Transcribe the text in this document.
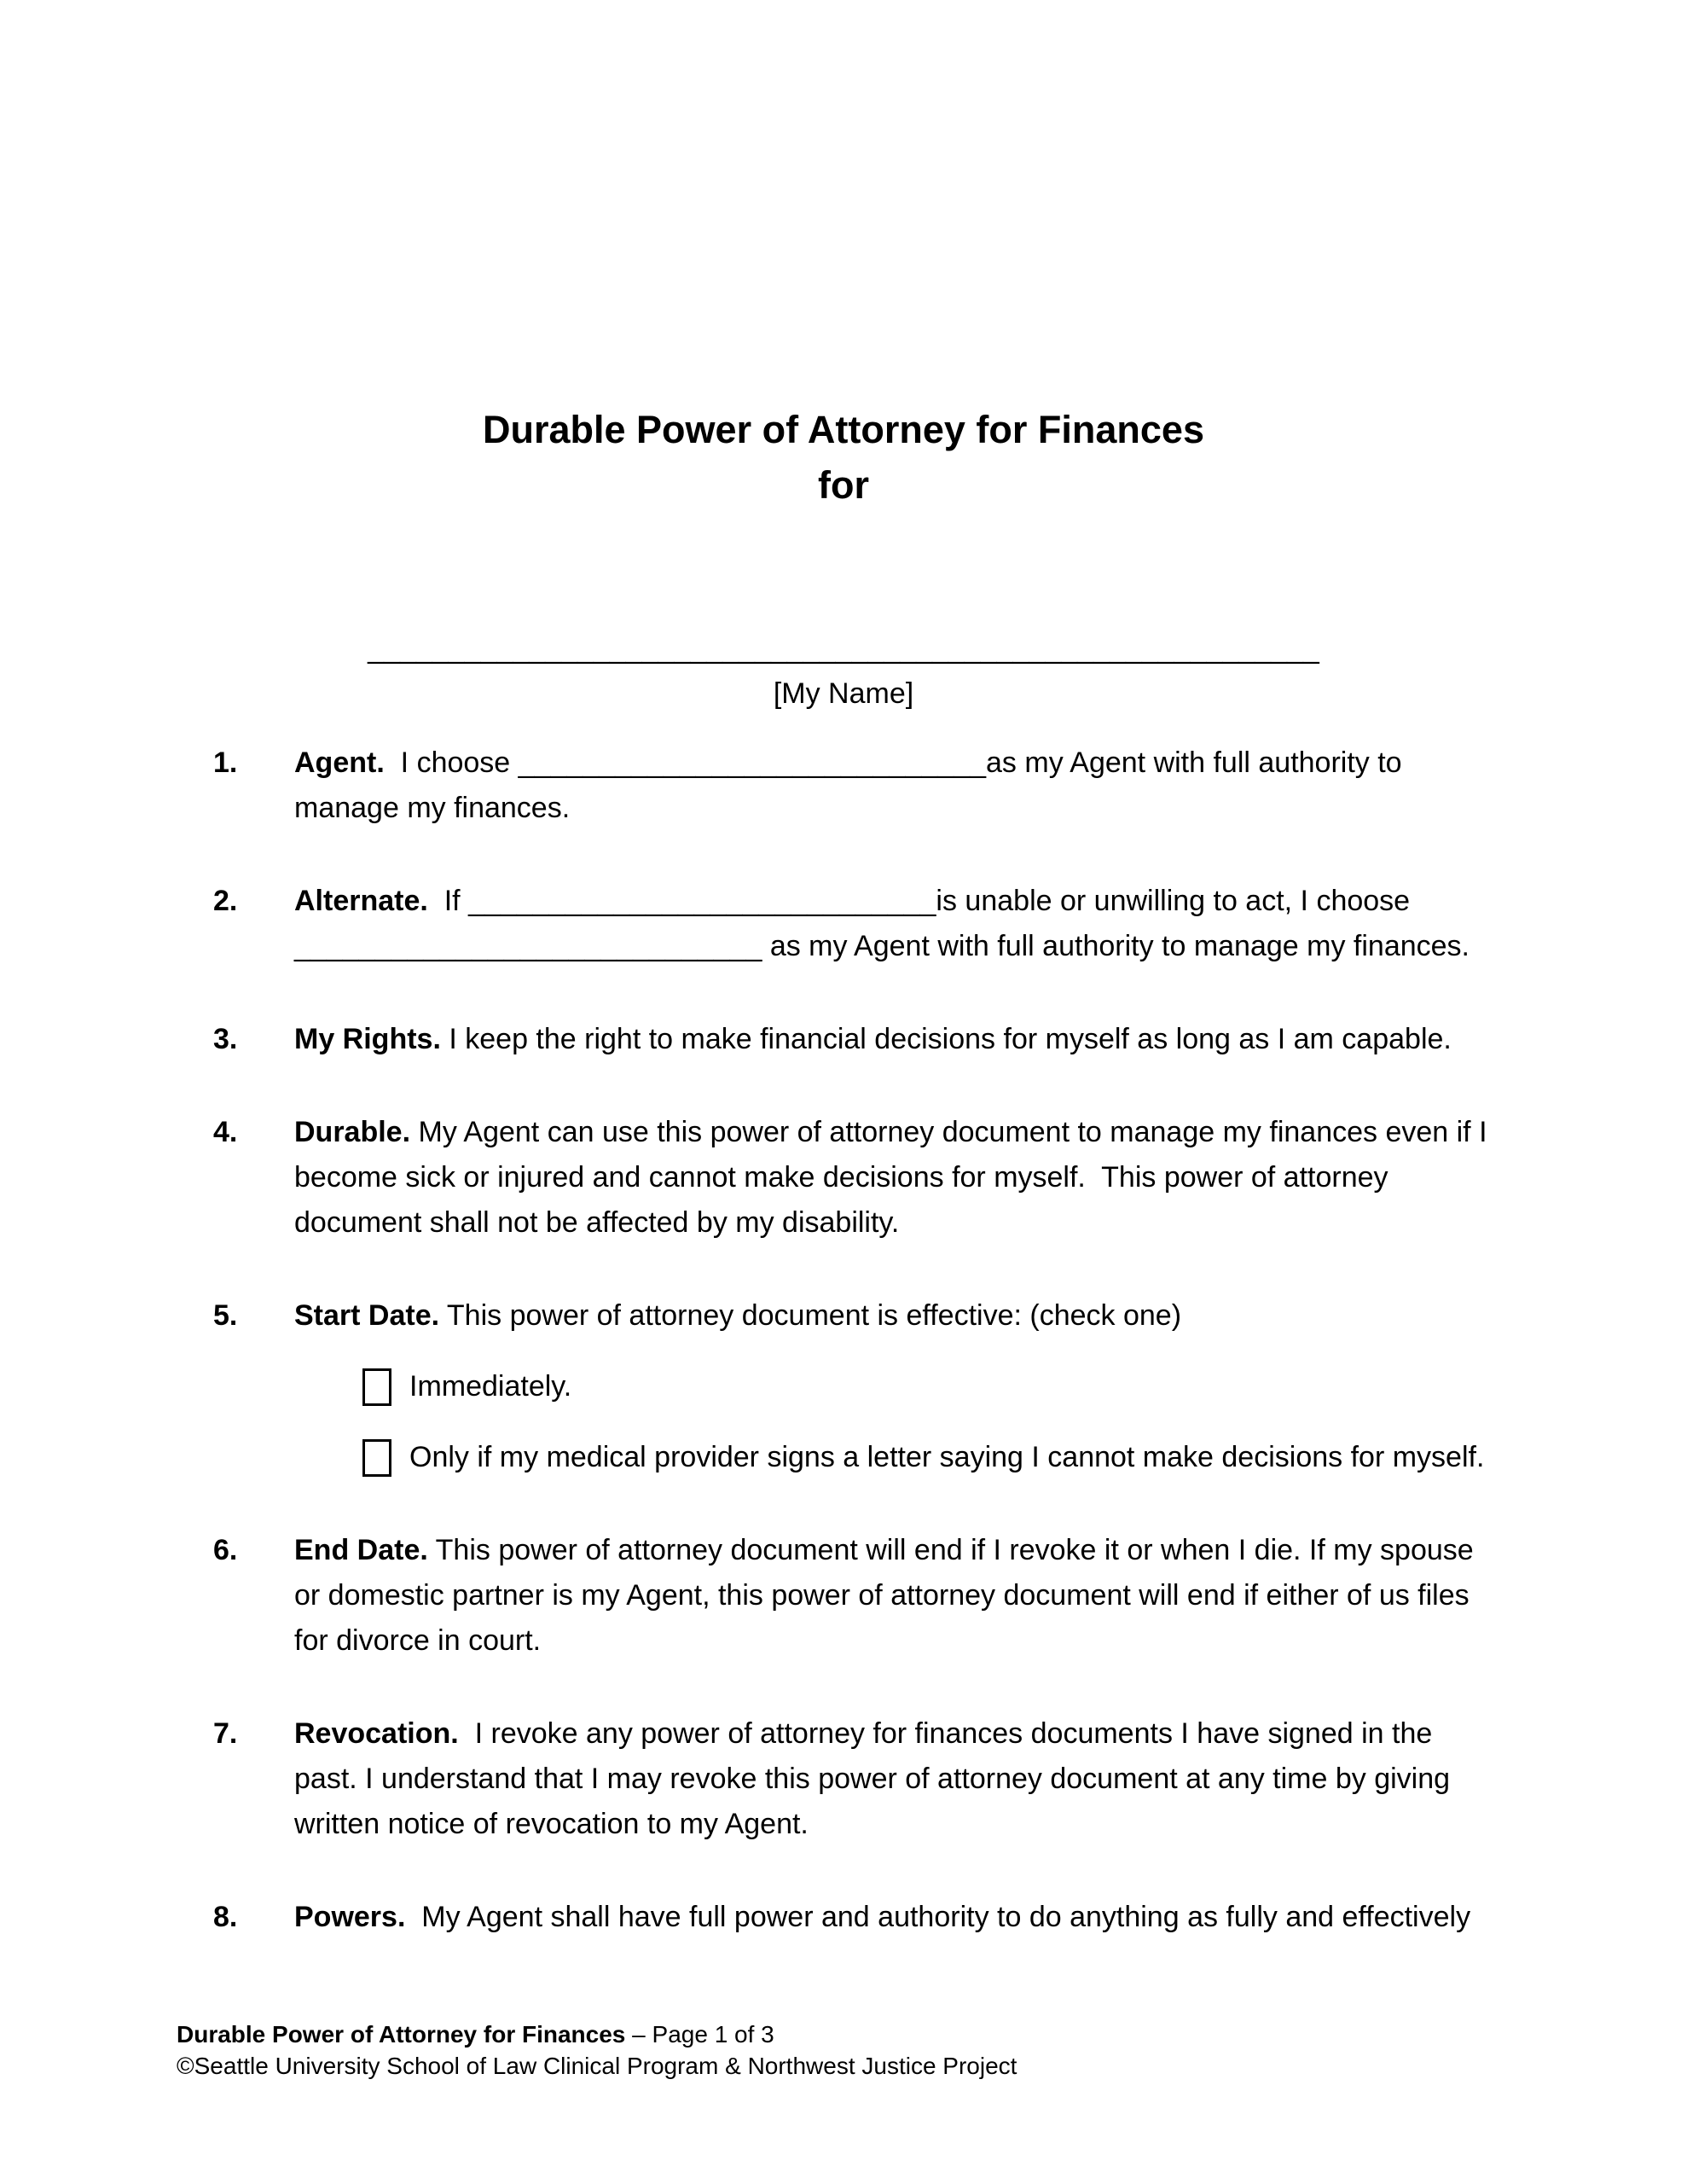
Durable Power of Attorney for Finances
for
___________________________________________________________
[My Name]
1. Agent.  I choose _____________________________as my Agent with full authority to manage my finances.
2. Alternate.  If _____________________________is unable or unwilling to act, I choose _____________________________ as my Agent with full authority to manage my finances.
3. My Rights. I keep the right to make financial decisions for myself as long as I am capable.
4. Durable. My Agent can use this power of attorney document to manage my finances even if I become sick or injured and cannot make decisions for myself.  This power of attorney document shall not be affected by my disability.
5. Start Date. This power of attorney document is effective: (check one)
Immediately.
Only if my medical provider signs a letter saying I cannot make decisions for myself.
6. End Date. This power of attorney document will end if I revoke it or when I die. If my spouse or domestic partner is my Agent, this power of attorney document will end if either of us files for divorce in court.
7. Revocation.  I revoke any power of attorney for finances documents I have signed in the past. I understand that I may revoke this power of attorney document at any time by giving written notice of revocation to my Agent.
8. Powers.  My Agent shall have full power and authority to do anything as fully and effectively
Durable Power of Attorney for Finances – Page 1 of 3
©Seattle University School of Law Clinical Program & Northwest Justice Project
